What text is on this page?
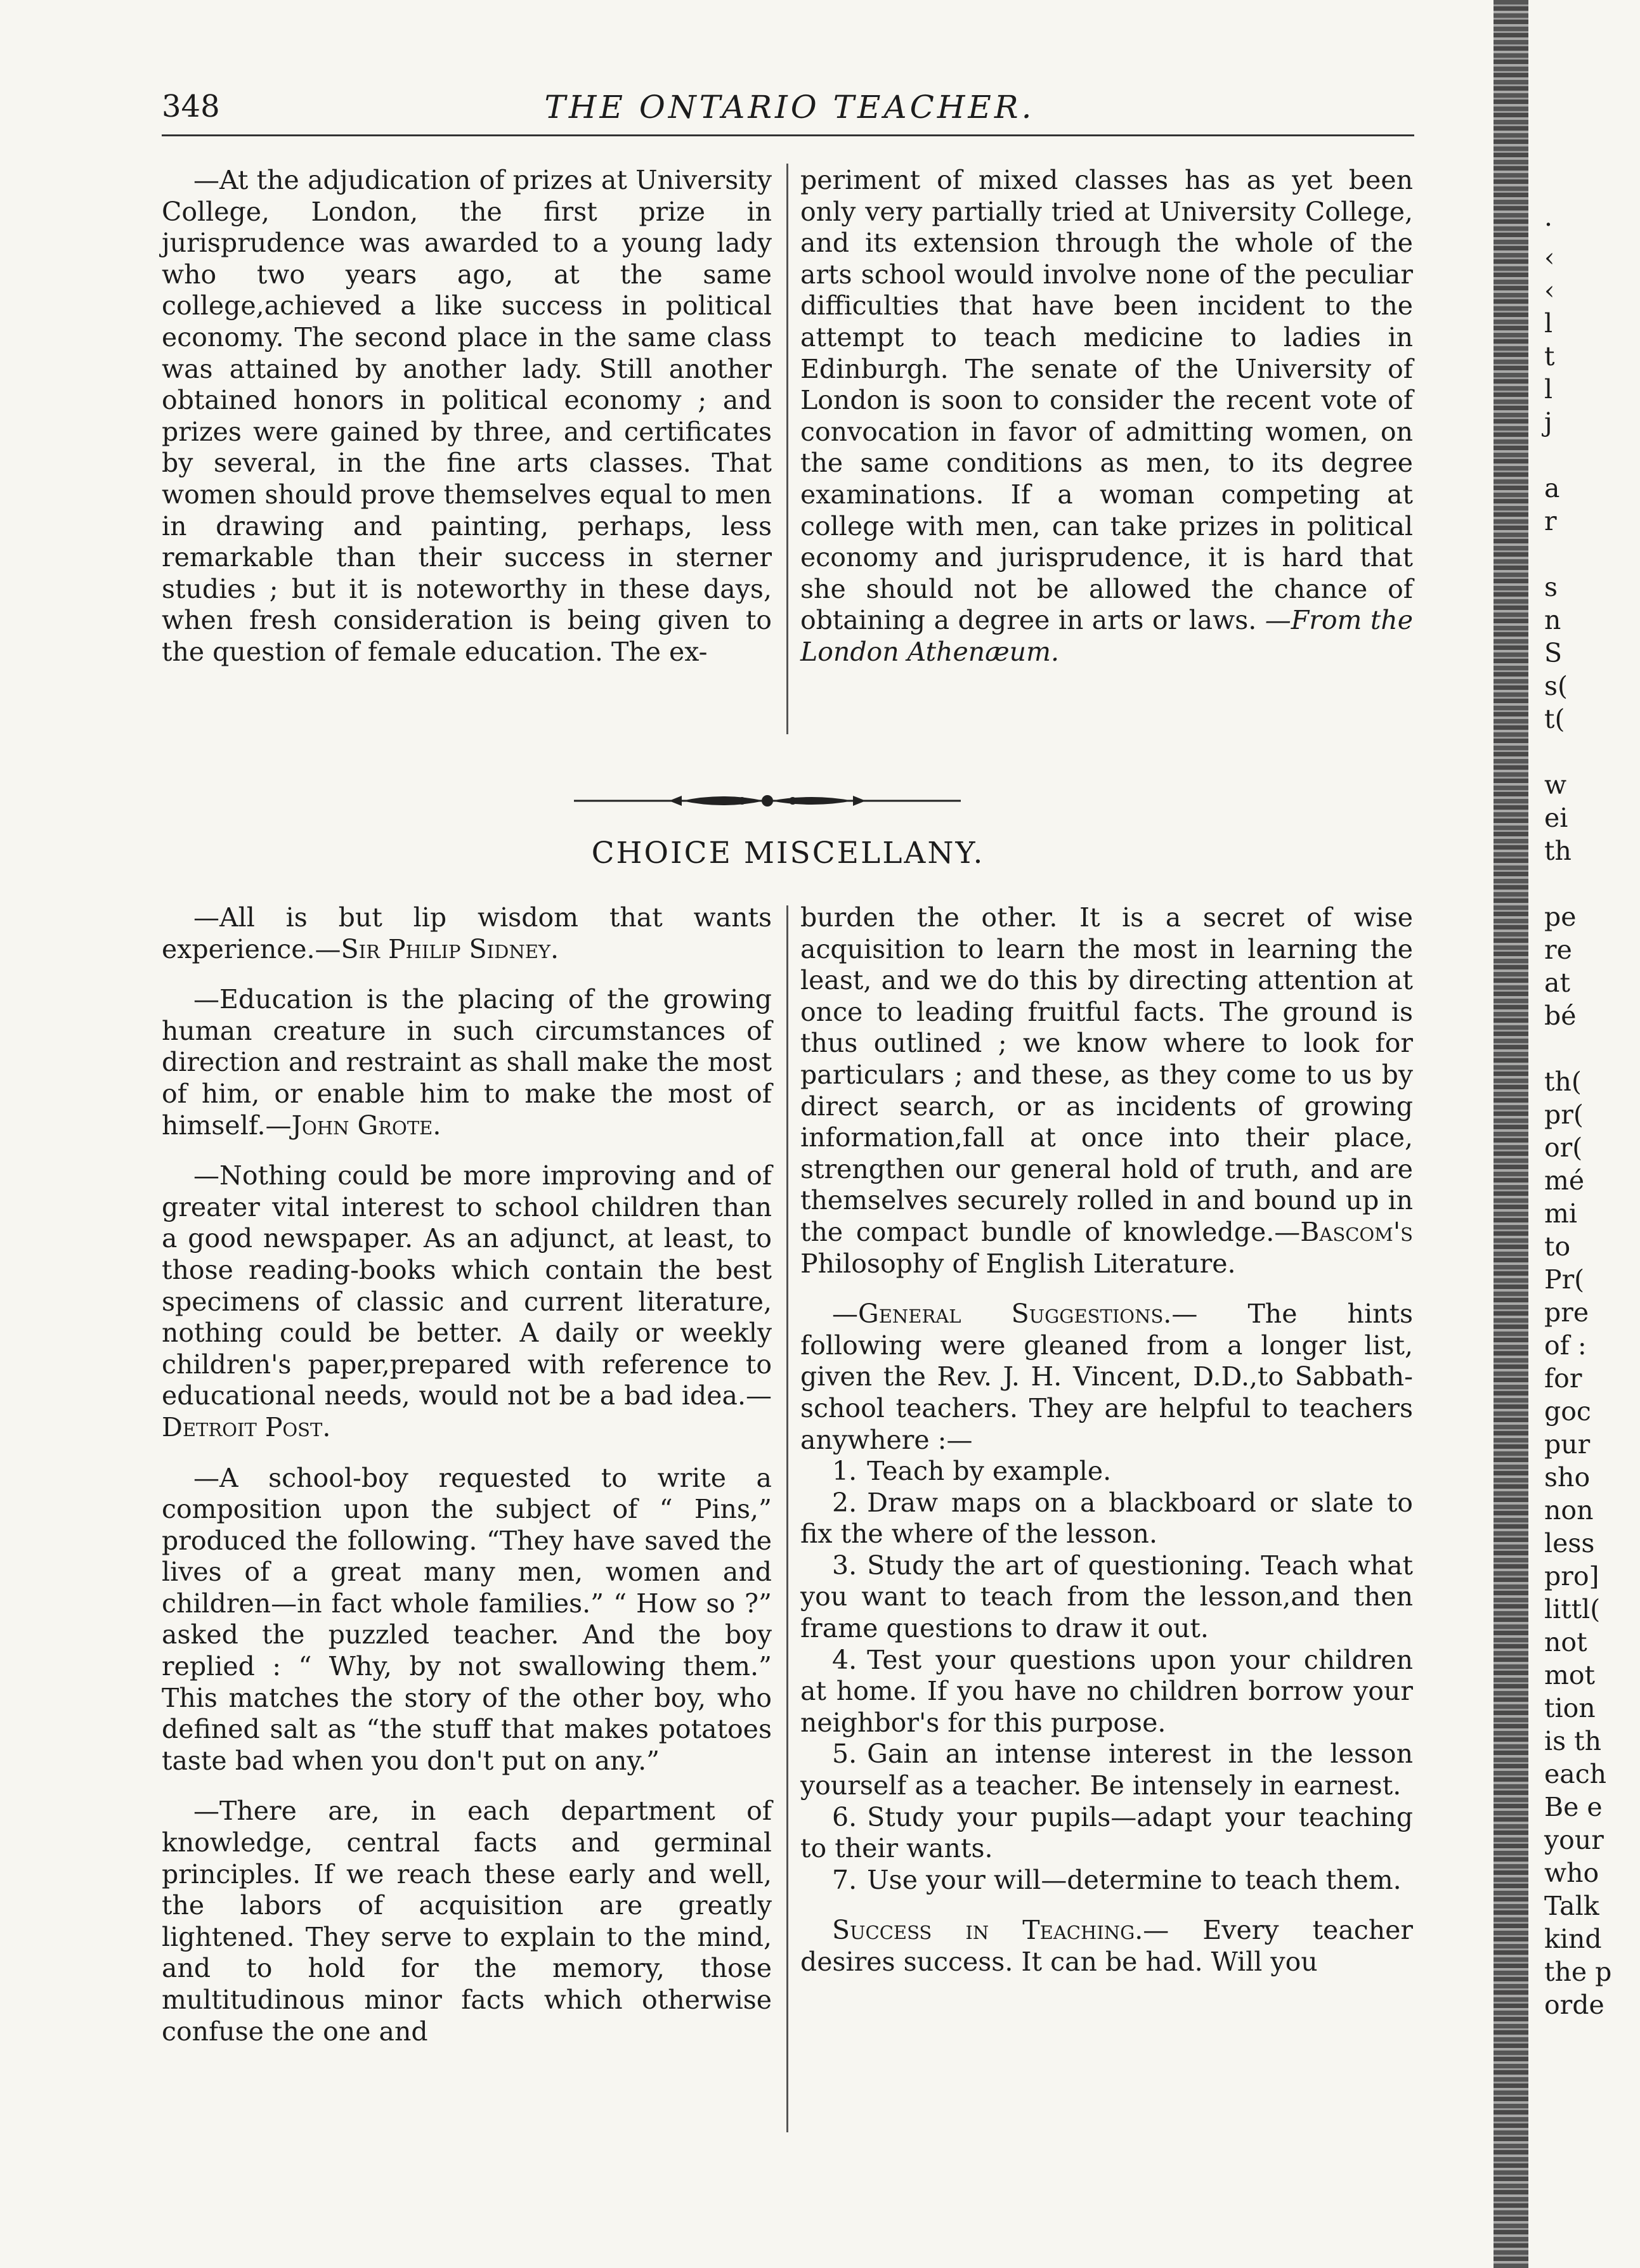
348	THE ONTARIO TEACHER.

—At the adjudication of prizes at University College, London, the first prize in jurisprudence was awarded to a young lady who two years ago, at the same college,achieved a like success in political economy. The second place in the same class was attained by another lady. Still another obtained honors in political economy ; and prizes were gained by three, and certificates by several, in the fine arts classes. That women should prove themselves equal to men in drawing and painting, perhaps, less remarkable than their success in sterner studies ; but it is noteworthy in these days, when fresh consideration is being given to the question of female education. The ex-

periment of mixed classes has as yet been only very partially tried at University College, and its extension through the whole of the arts school would involve none of the peculiar difficulties that have been incident to the attempt to teach medicine to ladies in Edinburgh. The senate of the University of London is soon to consider the recent vote of convocation in favor of admitting women, on the same conditions as men, to its degree examinations. If a woman competing at college with men, can take prizes in political economy and jurisprudence, it is hard that she should not be allowed the chance of obtaining a degree in arts or laws. —From the London Athenæum.

CHOICE MISCELLANY.

—All is but lip wisdom that wants experience.—Sir Philip Sidney.

—Education is the placing of the growing human creature in such circumstances of direction and restraint as shall make the most of him, or enable him to make the most of himself.—John Grote.

—Nothing could be more improving and of greater vital interest to school children than a good newspaper. As an adjunct, at least, to those reading-books which contain the best specimens of classic and current literature, nothing could be better. A daily or weekly children's paper,prepared with reference to educational needs, would not be a bad idea.—Detroit Post.

—A school-boy requested to write a composition upon the subject of “ Pins,” produced the following. “They have saved the lives of a great many men, women and children—in fact whole families.” “ How so ?” asked the puzzled teacher. And the boy replied : “ Why, by not swallowing them.” This matches the story of the other boy, who defined salt as “the stuff that makes potatoes taste bad when you don't put on any.”

—There are, in each department of knowledge, central facts and germinal principles. If we reach these early and well, the labors of acquisition are greatly lightened. They serve to explain to the mind, and to hold for the memory, those multitudinous minor facts which otherwise confuse the one and

burden the other. It is a secret of wise acquisition to learn the most in learning the least, and we do this by directing attention at once to leading fruitful facts. The ground is thus outlined ; we know where to look for particulars ; and these, as they come to us by direct search, or as incidents of growing information,fall at once into their place, strengthen our general hold of truth, and are themselves securely rolled in and bound up in the compact bundle of knowledge.—Bascom's Philosophy of English Literature.

—General Suggestions.— The hints following were gleaned from a longer list, given the Rev. J. H. Vincent, D.D.,to Sabbath-school teachers. They are helpful to teachers anywhere :—

1. Teach by example.
2. Draw maps on a blackboard or slate to fix the where of the lesson.
3. Study the art of questioning. Teach what you want to teach from the lesson,and then frame questions to draw it out.
4. Test your questions upon your children at home. If you have no children borrow your neighbor's for this purpose.
5. Gain an intense interest in the lesson yourself as a teacher. Be intensely in earnest.
6. Study your pupils—adapt your teaching to their wants.
7. Use your will—determine to teach them.

Success in Teaching.— Every teacher desires success. It can be had. Will you

·
‹
‹
l
t
l
j
a
r
s
n
S
s(
t(
w
ei
th
pe
re
at
bé
th(
pr(
or(
mé
mi
to
Pr(
pre
of :
for
goc
pur
sho
non
less
pro]
littl(
not
mot
tion
is th
each
Be e
your
who
Talk
kind
the p
orde
